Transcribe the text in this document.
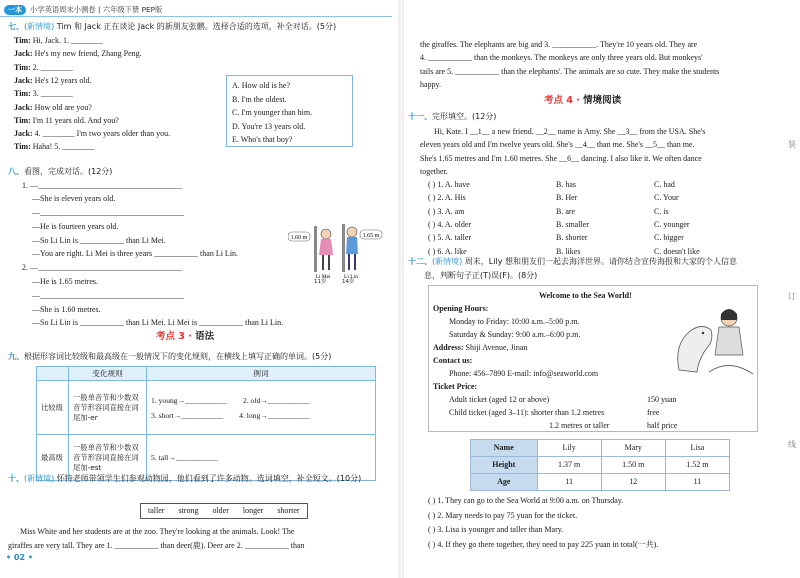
一本	小学英语周末小测卷 | 六年级下册 PEP版
七、(新情境) Tim 和 Jack 正在谈论 Jack 的新朋友张鹏。选择合适的选项，补全对话。(5分)
Tim: Hi, Jack. 1. ________
Jack: He's my new friend, Zhang Peng.
Tim: 2. ________
Jack: He's 12 years old.
Tim: 3. ________
Jack: How old are you?
Tim: I'm 11 years old. And you?
Jack: 4. ________ I'm two years older than you.
Tim: Haha! 5. ________
A. How old is he?
B. I'm the oldest.
C. I'm younger than him.
D. You're 13 years old.
E. Who's that boy?
八、看图，完成对话。(12分)
1. —____________________________________
—She is eleven years old.
—____________________________________
—He is fourteen years old.
—So Li Lin is ___________ than Li Mei.
—You are right. Li Mei is three years ___________ than Li Lin.
2. —____________________________________
—He is 1.65 metres.
—____________________________________
—She is 1.60 metres.
—So Li Lin is ___________ than Li Mei. Li Mei is ___________ than Li Lin.
1.60 m	1.65 m
Li Mei Li Lin
11岁	14岁
考点 3 · 语法
九、根据形容词比较级和最高级在一般情况下的变化规则，在横线上填写正确的单词。(5分)
	变化规则	例词
比较级	一般单音节和少数双音节形容词直接在词尾加-er	1. young→___________ 2. old→___________
3. short→___________ 4. long→___________

最高级	一般单音节和少数双音节形容词直接在词尾加-est	5. tall→___________
十、(新情境) 怀特老师带领学生们参观动物园，他们看到了许多动物。选词填空，补全短文。(10分)
taller	strong	older	longer	shorter
Miss White and her students are at the zoo. They're looking at the animals. Look! The
giraffes are very tall. They are 1. ___________ than deer(鹿). Deer are 2. ___________ than
• 02 •
the giraffes. The elephants are big and 3. ___________. They're 10 years old. They are
4. ___________ than the monkeys. The monkeys are only three years old. But monkeys'
tails are 5. ___________ than the elephants'. The animals are so cute. They make the students
happy.
考点 4 · 情境阅读
十一、完形填空。(12分)
Hi, Kate. I __1__ a new friend. __2__ name is Amy. She __3__ from the USA. She's
eleven years old and I'm twelve years old. She's __4__ than me. She's __5__ than me.
She's 1.65 metres and I'm 1.60 metres. She __6__ dancing. I also like it. We often dance
together.
( ) 1. A. have	B. has	C. had
( ) 2. A. His	B. Her	C. Your
( ) 3. A. am	B. are	C. is
( ) 4. A. older	B. smaller	C. younger
( ) 5. A. taller	B. shorter	C. bigger
( ) 6. A. like	B. likes	C. doesn't like
十二、(新情境) 周末，Lily 想和朋友们一起去海洋世界。请你结合宣传海报和大家的个人信息
息，判断句子正(T)误(F)。(8分)
Welcome to the Sea World!
Opening Hours:
Monday to Friday: 10:00 a.m.–5:00 p.m.
Saturday & Sunday: 9:00 a.m.–6:00 p.m.
Address: Shiji Avenue, Jinan
Contact us:
Phone: 456–7890 E-mail: info@seaworld.com
Ticket Price:
Adult ticket (aged 12 or above)	150 yuan
Child ticket (aged 3–11): shorter than 1.2 metres	free
1.2 metres or taller	half price
Name	Lily	Mary	Lisa
Height	1.37 m	1.50 m	1.52 m
Age	11	12	11
( ) 1. They can go to the Sea World at 9:00 a.m. on Thursday.
( ) 2. Mary needs to pay 75 yuan for the ticket.
( ) 3. Lisa is younger and taller than Mary.
( ) 4. If they go there together, they need to pay 225 yuan in total(一共).
装
订
线
